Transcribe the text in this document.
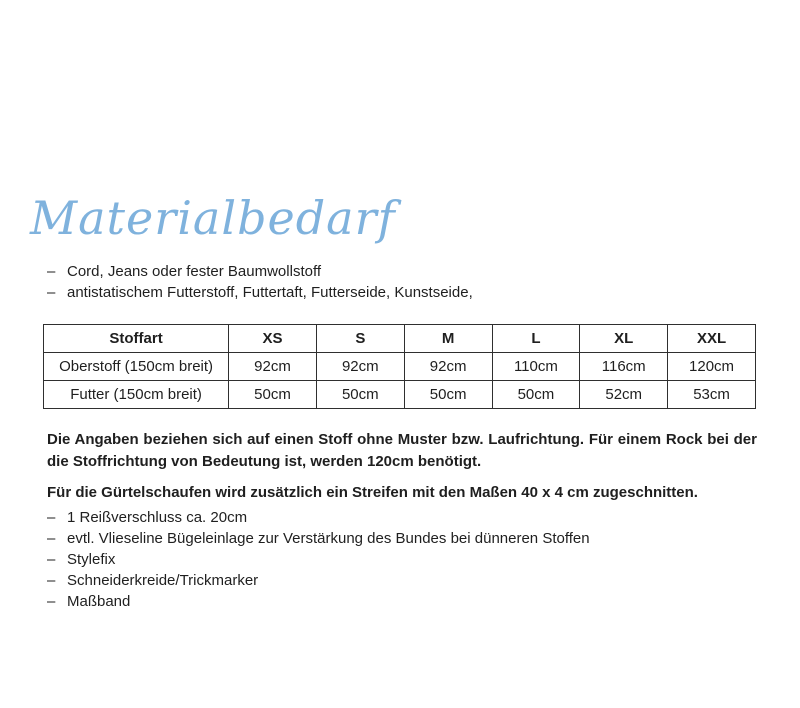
Materialbedarf
– Cord, Jeans oder fester Baumwollstoff
– antistatischem Futterstoff, Futtertaft, Futterseide, Kunstseide,
Stoffart	XS	S	M	L	XL	XXL
Oberstoff (150cm breit)	92cm	92cm	92cm	110cm	116cm	120cm
Futter (150cm breit)	50cm	50cm	50cm	50cm	52cm	53cm

Die Angaben beziehen sich auf einen Stoff ohne Muster bzw. Laufrichtung. Für einem Rock bei der die Stoffrichtung von Bedeutung ist, werden 120cm benötigt.

Für die Gürtelschaufen wird zusätzlich ein Streifen mit den Maßen 40 x 4 cm zugeschnitten.

– 1 Reißverschluss ca. 20cm
– evtl. Vlieseline Bügeleinlage zur Verstärkung des Bundes bei dünneren Stoffen
– Stylefix
– Schneiderkreide/Trickmarker
– Maßband
